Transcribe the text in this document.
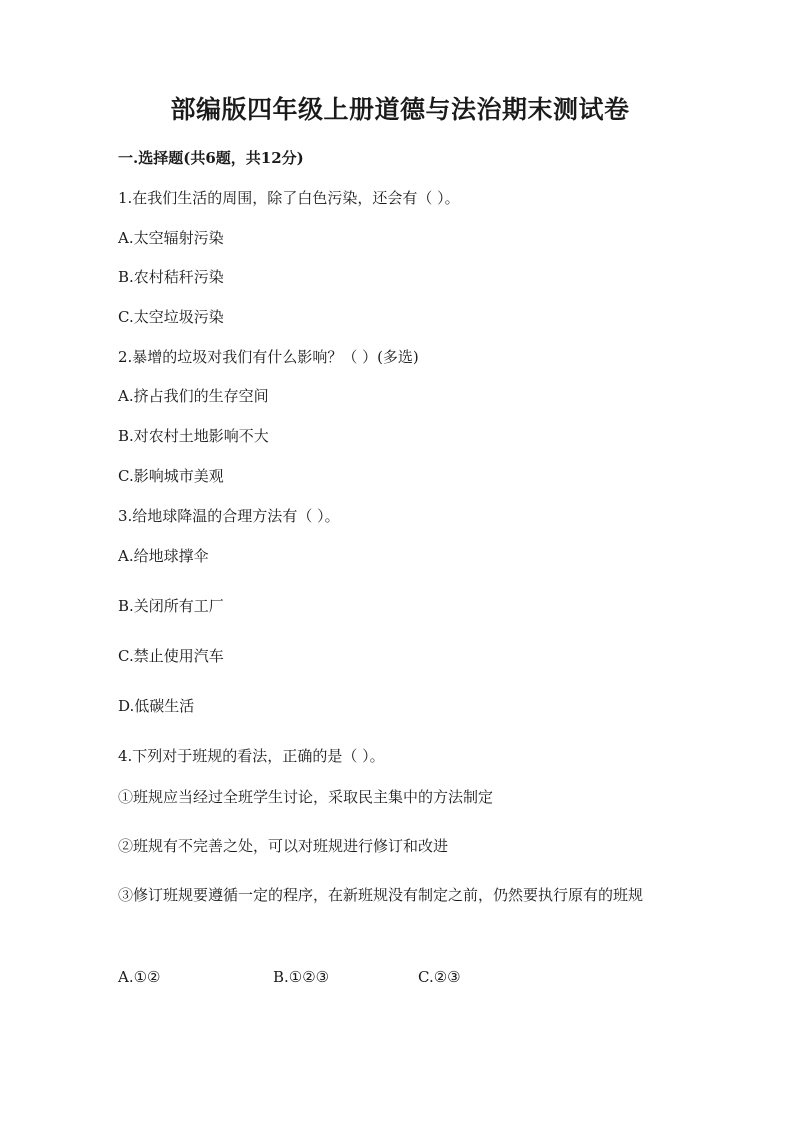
部编版四年级上册道德与法治期末测试卷
一.选择题(共6题，共12分)
1.在我们生活的周围，除了白色污染，还会有（ ）。
A.太空辐射污染
B.农村秸秆污染
C.太空垃圾污染
2.暴增的垃圾对我们有什么影响？（ ）(多选)
A.挤占我们的生存空间
B.对农村土地影响不大
C.影响城市美观
3.给地球降温的合理方法有（ ）。
A.给地球撑伞
B.关闭所有工厂
C.禁止使用汽车
D.低碳生活
4.下列对于班规的看法，正确的是（ ）。
①班规应当经过全班学生讨论，采取民主集中的方法制定
②班规有不完善之处，可以对班规进行修订和改进
③修订班规要遵循一定的程序，在新班规没有制定之前，仍然要执行原有的班规
A.①②	B.①②③	C.②③
